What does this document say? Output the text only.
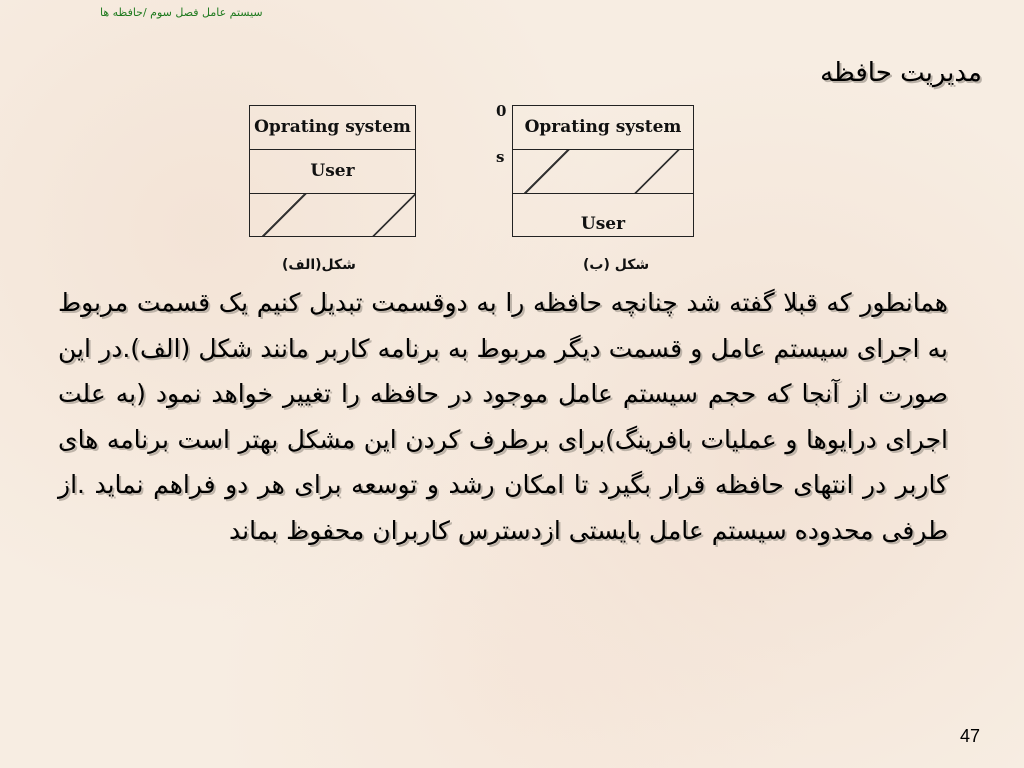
سیستم عامل فصل سوم /حافظه ها
مدیریت حافظه
Oprating system
User
شکل(الف)
0
s
Oprating system
User
شکل (ب)
همانطور که قبلا گفته شد چنانچه حافظه را به دوقسمت تبدیل کنیم یک قسمت مربوط به اجرای سیستم عامل و قسمت دیگر مربوط به برنامه کاربر مانند شکل (الف).در این صورت از آنجا که حجم سیستم عامل موجود در حافظه را تغییر خواهد نمود (به علت اجرای درایوها و عملیات بافرینگ)برای برطرف کردن این مشکل بهتر است برنامه های کاربر در انتهای حافظه قرار بگیرد تا امکان رشد و توسعه برای هر دو فراهم نماید .از طرفی محدوده سیستم عامل بایستی ازدسترس کاربران محفوظ بماند
47
